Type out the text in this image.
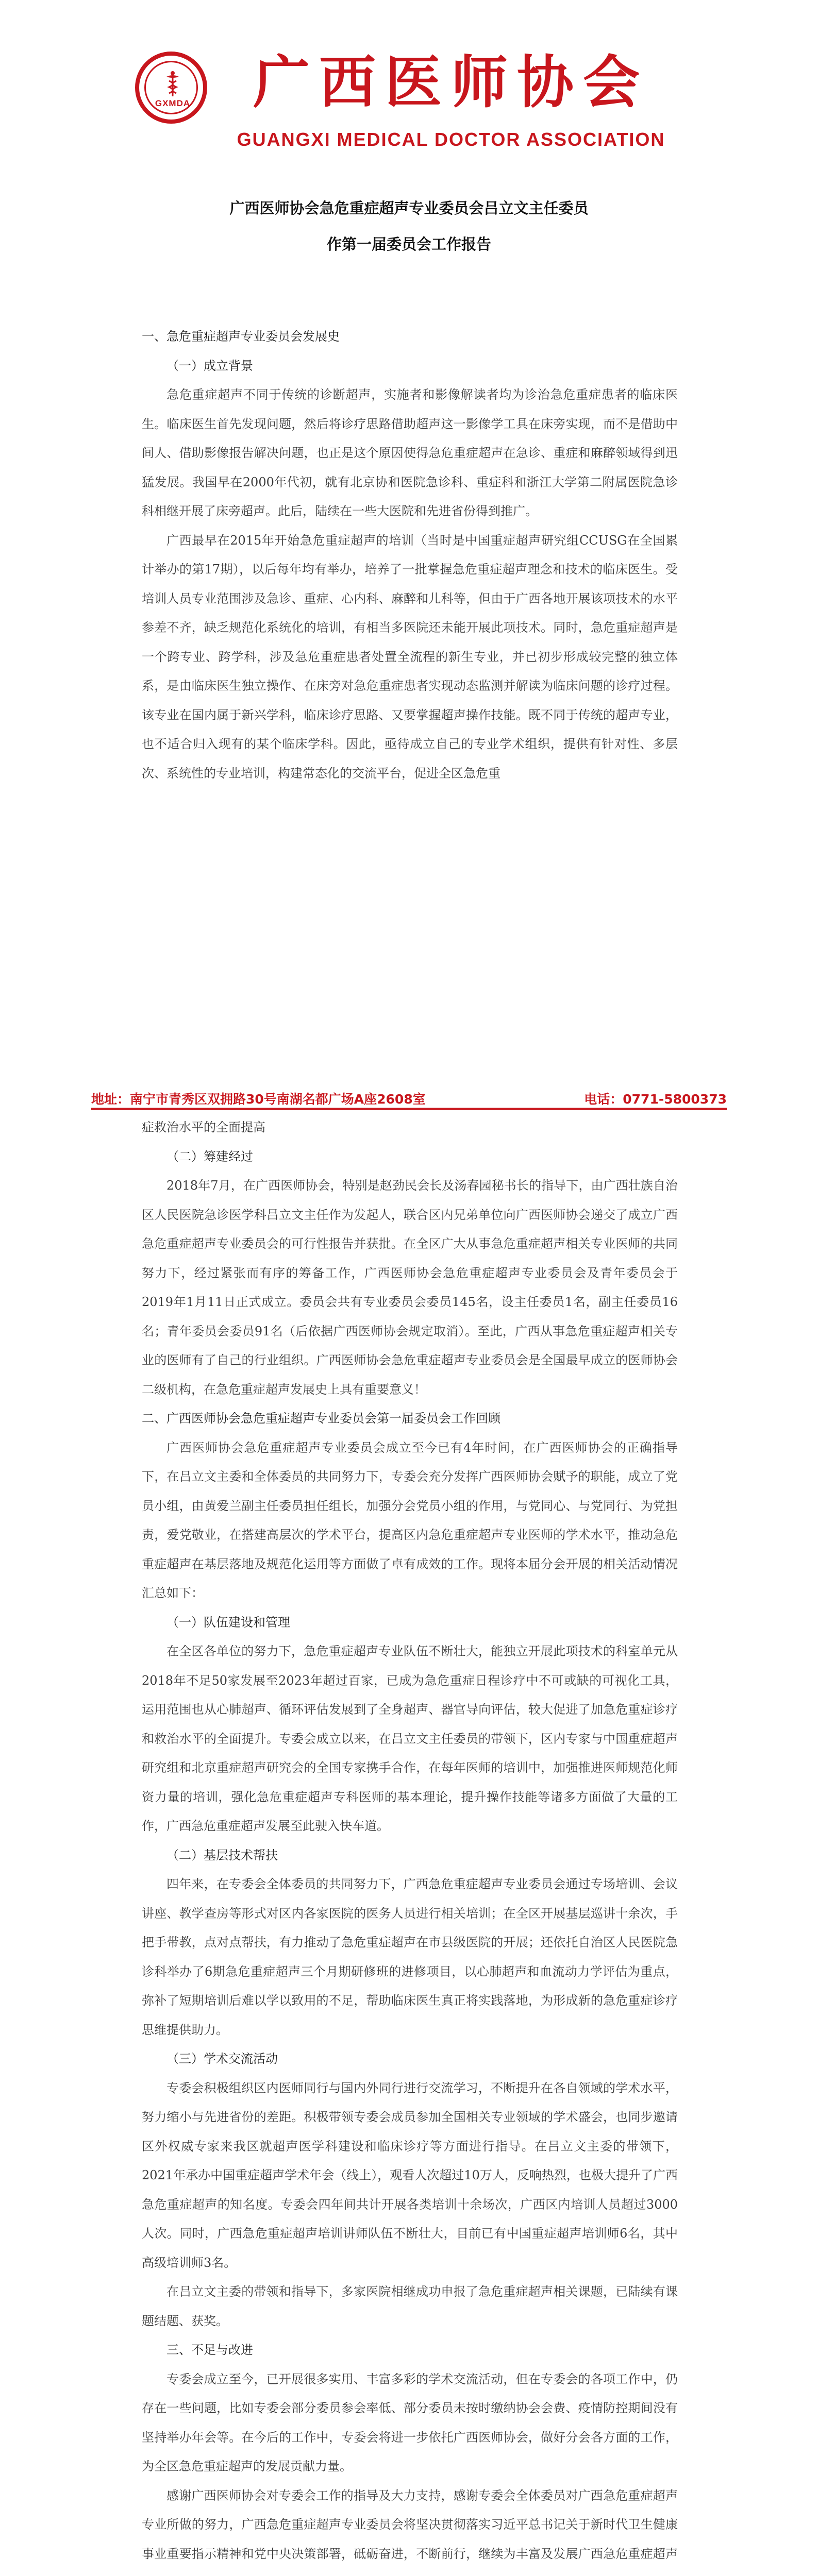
GXMDA	广西医师协会
GUANGXI MEDICAL DOCTOR ASSOCIATION
广西医师协会急危重症超声专业委员会吕立文主任委员
作第一届委员会工作报告

一、急危重症超声专业委员会发展史

（一）成立背景

急危重症超声不同于传统的诊断超声，实施者和影像解读者均为诊治急危重症患者的临床医生。临床医生首先发现问题，然后将诊疗思路借助超声这一影像学工具在床旁实现，而不是借助中间人、借助影像报告解决问题，也正是这个原因使得急危重症超声在急诊、重症和麻醉领域得到迅猛发展。我国早在2000年代初，就有北京协和医院急诊科、重症科和浙江大学第二附属医院急诊科相继开展了床旁超声。此后，陆续在一些大医院和先进省份得到推广。

广西最早在2015年开始急危重症超声的培训（当时是中国重症超声研究组CCUSG在全国累计举办的第17期），以后每年均有举办，培养了一批掌握急危重症超声理念和技术的临床医生。受培训人员专业范围涉及急诊、重症、心内科、麻醉和儿科等，但由于广西各地开展该项技术的水平参差不齐，缺乏规范化系统化的培训，有相当多医院还未能开展此项技术。同时，急危重症超声是一个跨专业、跨学科，涉及急危重症患者处置全流程的新生专业，并已初步形成较完整的独立体系，是由临床医生独立操作、在床旁对急危重症患者实现动态监测并解读为临床问题的诊疗过程。该专业在国内属于新兴学科，临床诊疗思路、又要掌握超声操作技能。既不同于传统的超声专业，也不适合归入现有的某个临床学科。因此，亟待成立自己的专业学术组织，提供有针对性、多层次、系统性的专业培训，构建常态化的交流平台，促进全区急危重

地址：南宁市青秀区双拥路30号南湖名都广场A座2608室	电话：0771-5800373

症救治水平的全面提高

（二）筹建经过

2018年7月，在广西医师协会，特别是赵劲民会长及汤春园秘书长的指导下，由广西壮族自治区人民医院急诊医学科吕立文主任作为发起人，联合区内兄弟单位向广西医师协会递交了成立广西急危重症超声专业委员会的可行性报告并获批。在全区广大从事急危重症超声相关专业医师的共同努力下，经过紧张而有序的筹备工作，广西医师协会急危重症超声专业委员会及青年委员会于2019年1月11日正式成立。委员会共有专业委员会委员145名，设主任委员1名，副主任委员16名；青年委员会委员91名（后依据广西医师协会规定取消）。至此，广西从事急危重症超声相关专业的医师有了自己的行业组织。广西医师协会急危重症超声专业委员会是全国最早成立的医师协会二级机构，在急危重症超声发展史上具有重要意义！

二、广西医师协会急危重症超声专业委员会第一届委员会工作回顾

广西医师协会急危重症超声专业委员会成立至今已有4年时间，在广西医师协会的正确指导下，在吕立文主委和全体委员的共同努力下，专委会充分发挥广西医师协会赋予的职能，成立了党员小组，由黄爱兰副主任委员担任组长，加强分会党员小组的作用，与党同心、与党同行、为党担责，爱党敬业，在搭建高层次的学术平台，提高区内急危重症超声专业医师的学术水平，推动急危重症超声在基层落地及规范化运用等方面做了卓有成效的工作。现将本届分会开展的相关活动情况汇总如下：

（一）队伍建设和管理

在全区各单位的努力下，急危重症超声专业队伍不断壮大，能独立开展此项技术的科室单元从2018年不足50家发展至2023年超过百家，已成为急危重症日程诊疗中不可或缺的可视化工具，运用范围也从心肺超声、循环评估发展到了全身超声、器官导向评估，较大促进了加急危重症诊疗和救治水平的全面提升。专委会成立以来，在吕立文主任委员的带领下，区内专家与中国重症超声研究组和北京重症超声研究会的全国专家携手合作，在每年医师的培训中，加强推进医师规范化师资力量的培训，强化急危重症超声专科医师的基本理论，提升操作技能等诸多方面做了大量的工作，广西急危重症超声发展至此驶入快车道。

（二）基层技术帮扶

四年来，在专委会全体委员的共同努力下，广西急危重症超声专业委员会通过专场培训、会议讲座、教学查房等形式对区内各家医院的医务人员进行相关培训；在全区开展基层巡讲十余次，手把手带教，点对点帮扶，有力推动了急危重症超声在市县级医院的开展；还依托自治区人民医院急诊科举办了6期急危重症超声三个月期研修班的进修项目，以心肺超声和血流动力学评估为重点，弥补了短期培训后难以学以致用的不足，帮助临床医生真正将实践落地，为形成新的急危重症诊疗思维提供助力。

（三）学术交流活动

专委会积极组织区内医师同行与国内外同行进行交流学习，不断提升在各自领域的学术水平，努力缩小与先进省份的差距。积极带领专委会成员参加全国相关专业领域的学术盛会，也同步邀请区外权威专家来我区就超声医学科建设和临床诊疗等方面进行指导。在吕立文主委的带领下，2021年承办中国重症超声学术年会（线上），观看人次超过10万人，反响热烈，也极大提升了广西急危重症超声的知名度。专委会四年间共计开展各类培训十余场次，广西区内培训人员超过3000人次。同时，广西急危重症超声培训讲师队伍不断壮大，目前已有中国重症超声培训师6名，其中高级培训师3名。

在吕立文主委的带领和指导下，多家医院相继成功申报了急危重症超声相关课题，已陆续有课题结题、获奖。

三、不足与改进

专委会成立至今，已开展很多实用、丰富多彩的学术交流活动，但在专委会的各项工作中，仍存在一些问题，比如专委会部分委员参会率低、部分委员未按时缴纳协会会费、疫情防控期间没有坚持举办年会等。在今后的工作中，专委会将进一步依托广西医师协会，做好分会各方面的工作，为全区急危重症超声的发展贡献力量。

感谢广西医师协会对专委会工作的指导及大力支持，感谢专委会全体委员对广西急危重症超声专业所做的努力，广西急危重症超声专业委员会将坚决贯彻落实习近平总书记关于新时代卫生健康事业重要指示精神和党中央决策部署，砥砺奋进，不断前行，继续为丰富及发展广西急危重症超声
